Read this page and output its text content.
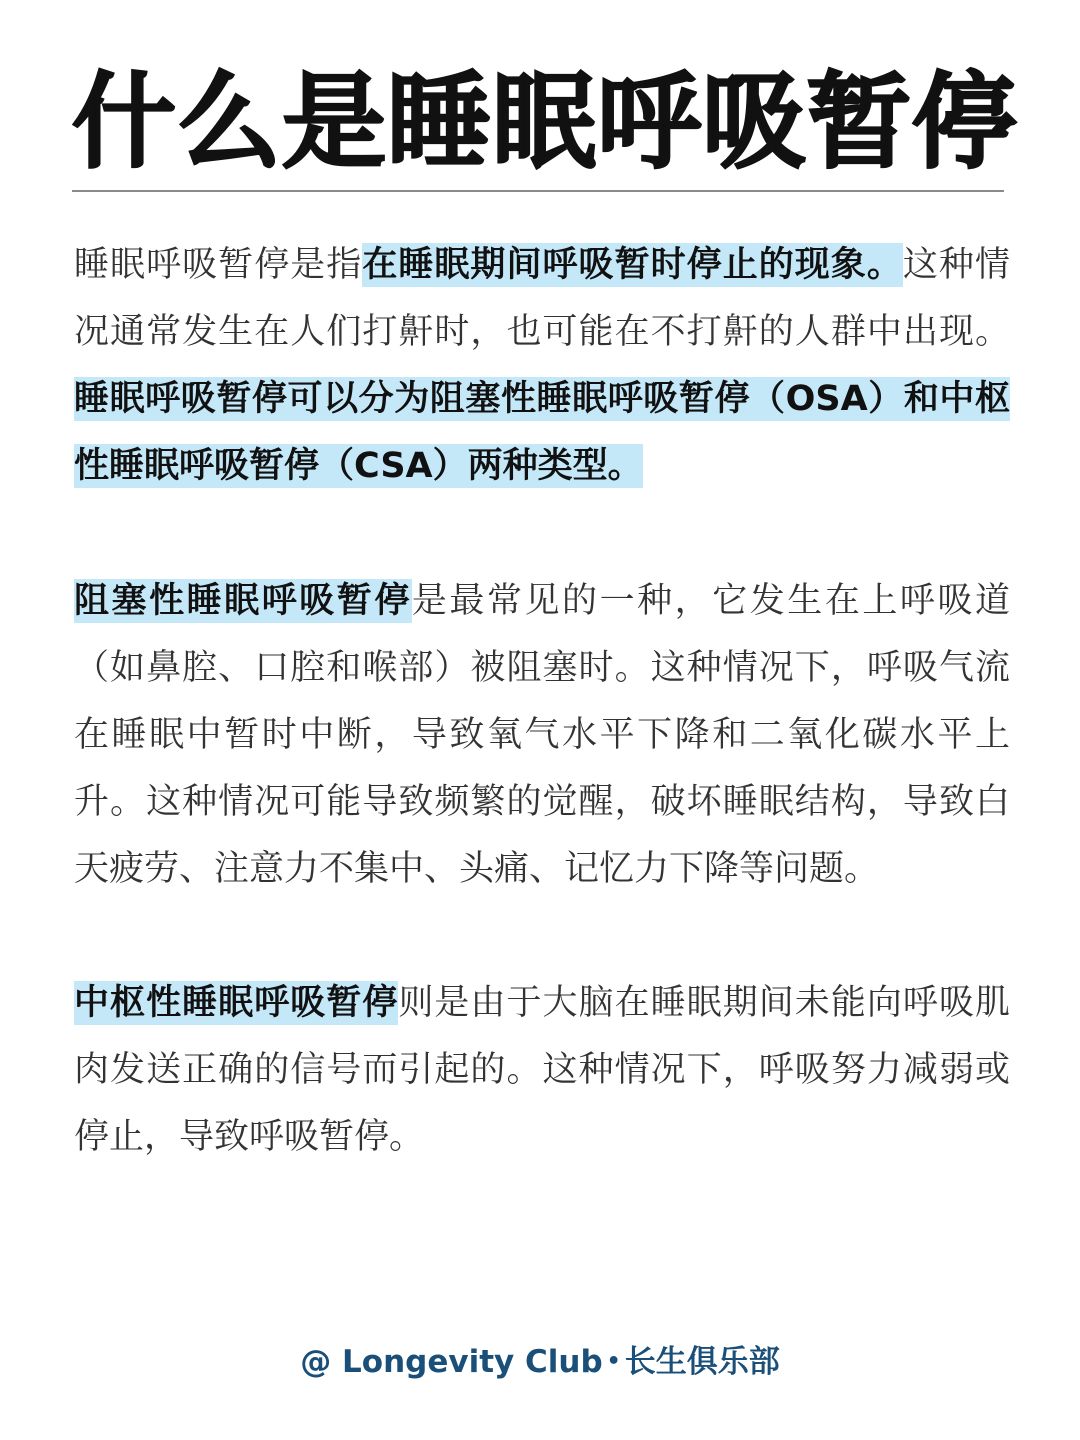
什么是睡眠呼吸暂停

睡眠呼吸暂停是指在睡眠期间呼吸暂时停止的现象。这种情况通常发生在人们打鼾时，也可能在不打鼾的人群中出现。睡眠呼吸暂停可以分为阻塞性睡眠呼吸暂停（OSA）和中枢性睡眠呼吸暂停（CSA）两种类型。

阻塞性睡眠呼吸暂停是最常见的一种，它发生在上呼吸道（如鼻腔、口腔和喉部）被阻塞时。这种情况下，呼吸气流在睡眠中暂时中断，导致氧气水平下降和二氧化碳水平上升。这种情况可能导致频繁的觉醒，破坏睡眠结构，导致白天疲劳、注意力不集中、头痛、记忆力下降等问题。

中枢性睡眠呼吸暂停则是由于大脑在睡眠期间未能向呼吸肌肉发送正确的信号而引起的。这种情况下，呼吸努力减弱或停止，导致呼吸暂停。

@ Longevity Club • 长生俱乐部
